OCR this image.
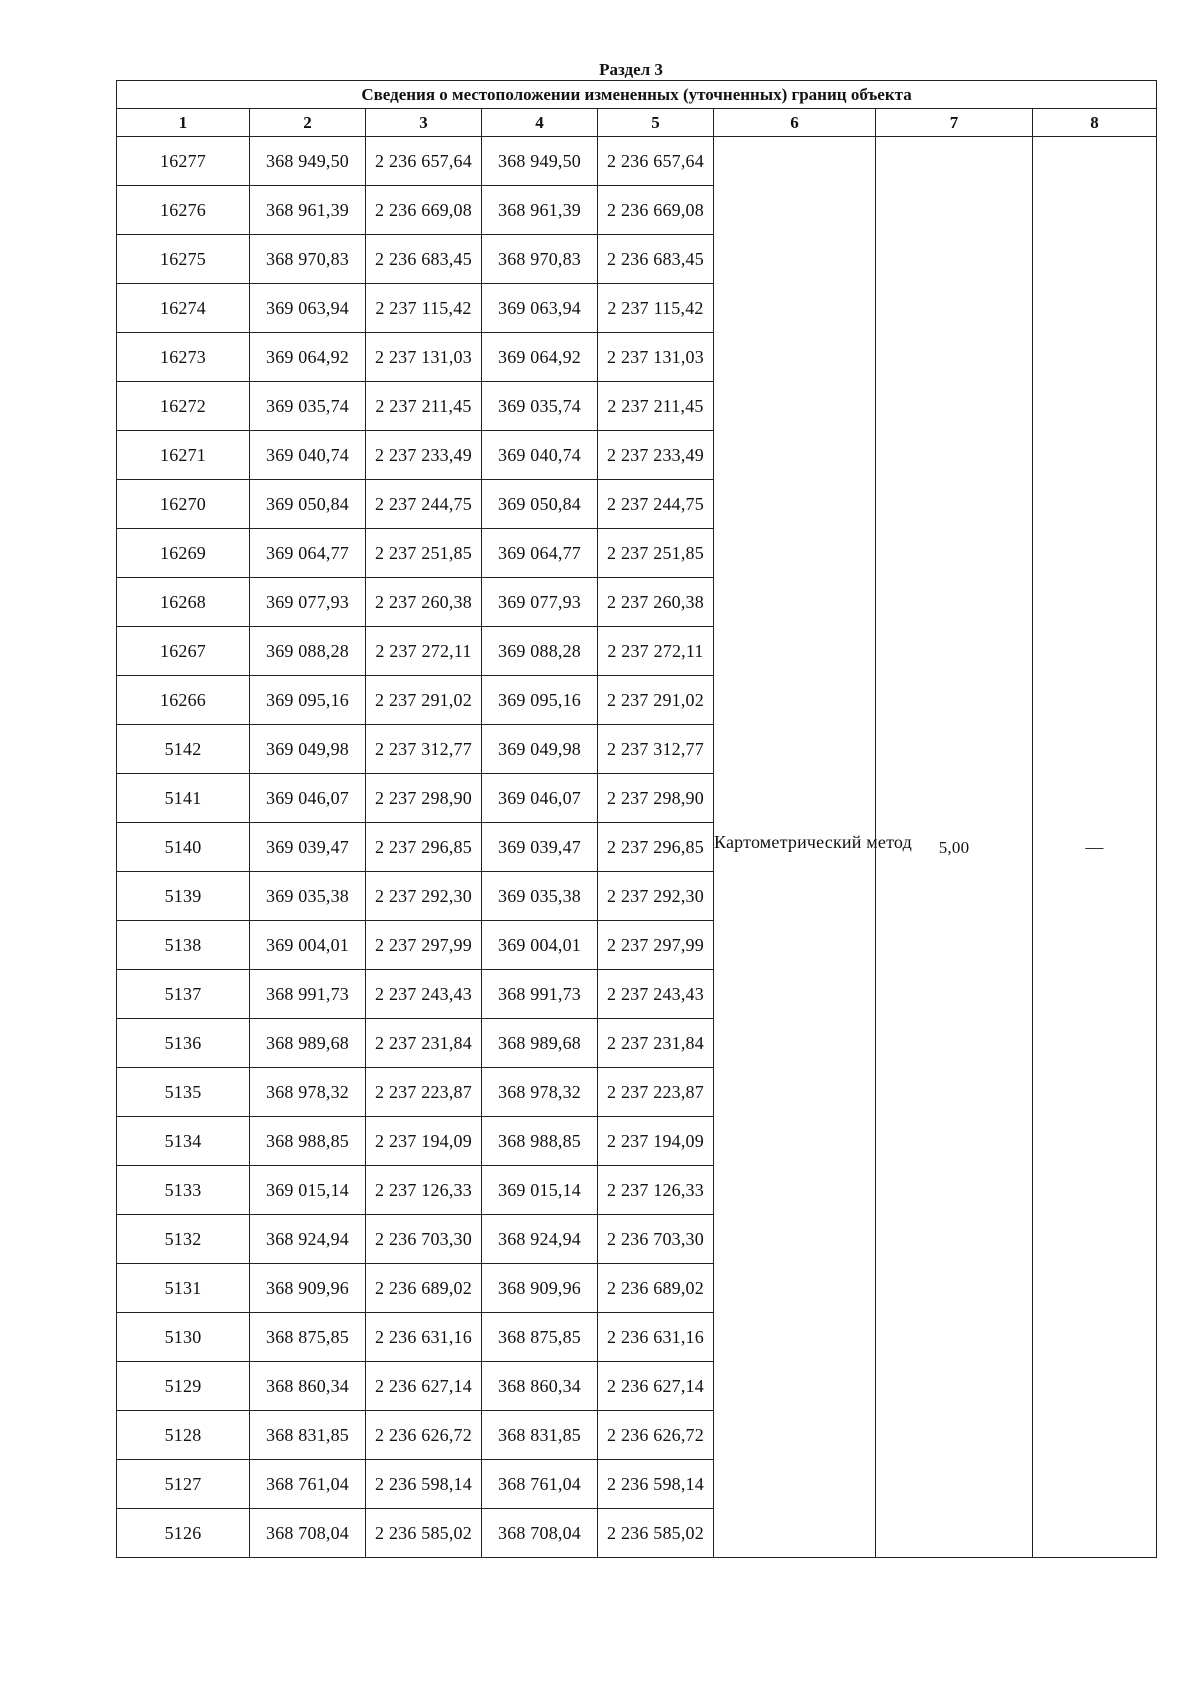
Раздел 3
Сведения о местоположении измененных (уточненных) границ объекта							
1	2	3	4	5	6	7	8
16277	368 949,50	2 236 657,64	368 949,50	2 236 657,64	Картометрический метод	5,00	—
16276	368 961,39	2 236 669,08	368 961,39	2 236 669,08			
16275	368 970,83	2 236 683,45	368 970,83	2 236 683,45			
16274	369 063,94	2 237 115,42	369 063,94	2 237 115,42			
16273	369 064,92	2 237 131,03	369 064,92	2 237 131,03			
16272	369 035,74	2 237 211,45	369 035,74	2 237 211,45			
16271	369 040,74	2 237 233,49	369 040,74	2 237 233,49			
16270	369 050,84	2 237 244,75	369 050,84	2 237 244,75			
16269	369 064,77	2 237 251,85	369 064,77	2 237 251,85			
16268	369 077,93	2 237 260,38	369 077,93	2 237 260,38			
16267	369 088,28	2 237 272,11	369 088,28	2 237 272,11			
16266	369 095,16	2 237 291,02	369 095,16	2 237 291,02			
5142	369 049,98	2 237 312,77	369 049,98	2 237 312,77			
5141	369 046,07	2 237 298,90	369 046,07	2 237 298,90			
5140	369 039,47	2 237 296,85	369 039,47	2 237 296,85			
5139	369 035,38	2 237 292,30	369 035,38	2 237 292,30			
5138	369 004,01	2 237 297,99	369 004,01	2 237 297,99			
5137	368 991,73	2 237 243,43	368 991,73	2 237 243,43			
5136	368 989,68	2 237 231,84	368 989,68	2 237 231,84			
5135	368 978,32	2 237 223,87	368 978,32	2 237 223,87			
5134	368 988,85	2 237 194,09	368 988,85	2 237 194,09			
5133	369 015,14	2 237 126,33	369 015,14	2 237 126,33			
5132	368 924,94	2 236 703,30	368 924,94	2 236 703,30			
5131	368 909,96	2 236 689,02	368 909,96	2 236 689,02			
5130	368 875,85	2 236 631,16	368 875,85	2 236 631,16			
5129	368 860,34	2 236 627,14	368 860,34	2 236 627,14			
5128	368 831,85	2 236 626,72	368 831,85	2 236 626,72			
5127	368 761,04	2 236 598,14	368 761,04	2 236 598,14			
5126	368 708,04	2 236 585,02	368 708,04	2 236 585,02			
